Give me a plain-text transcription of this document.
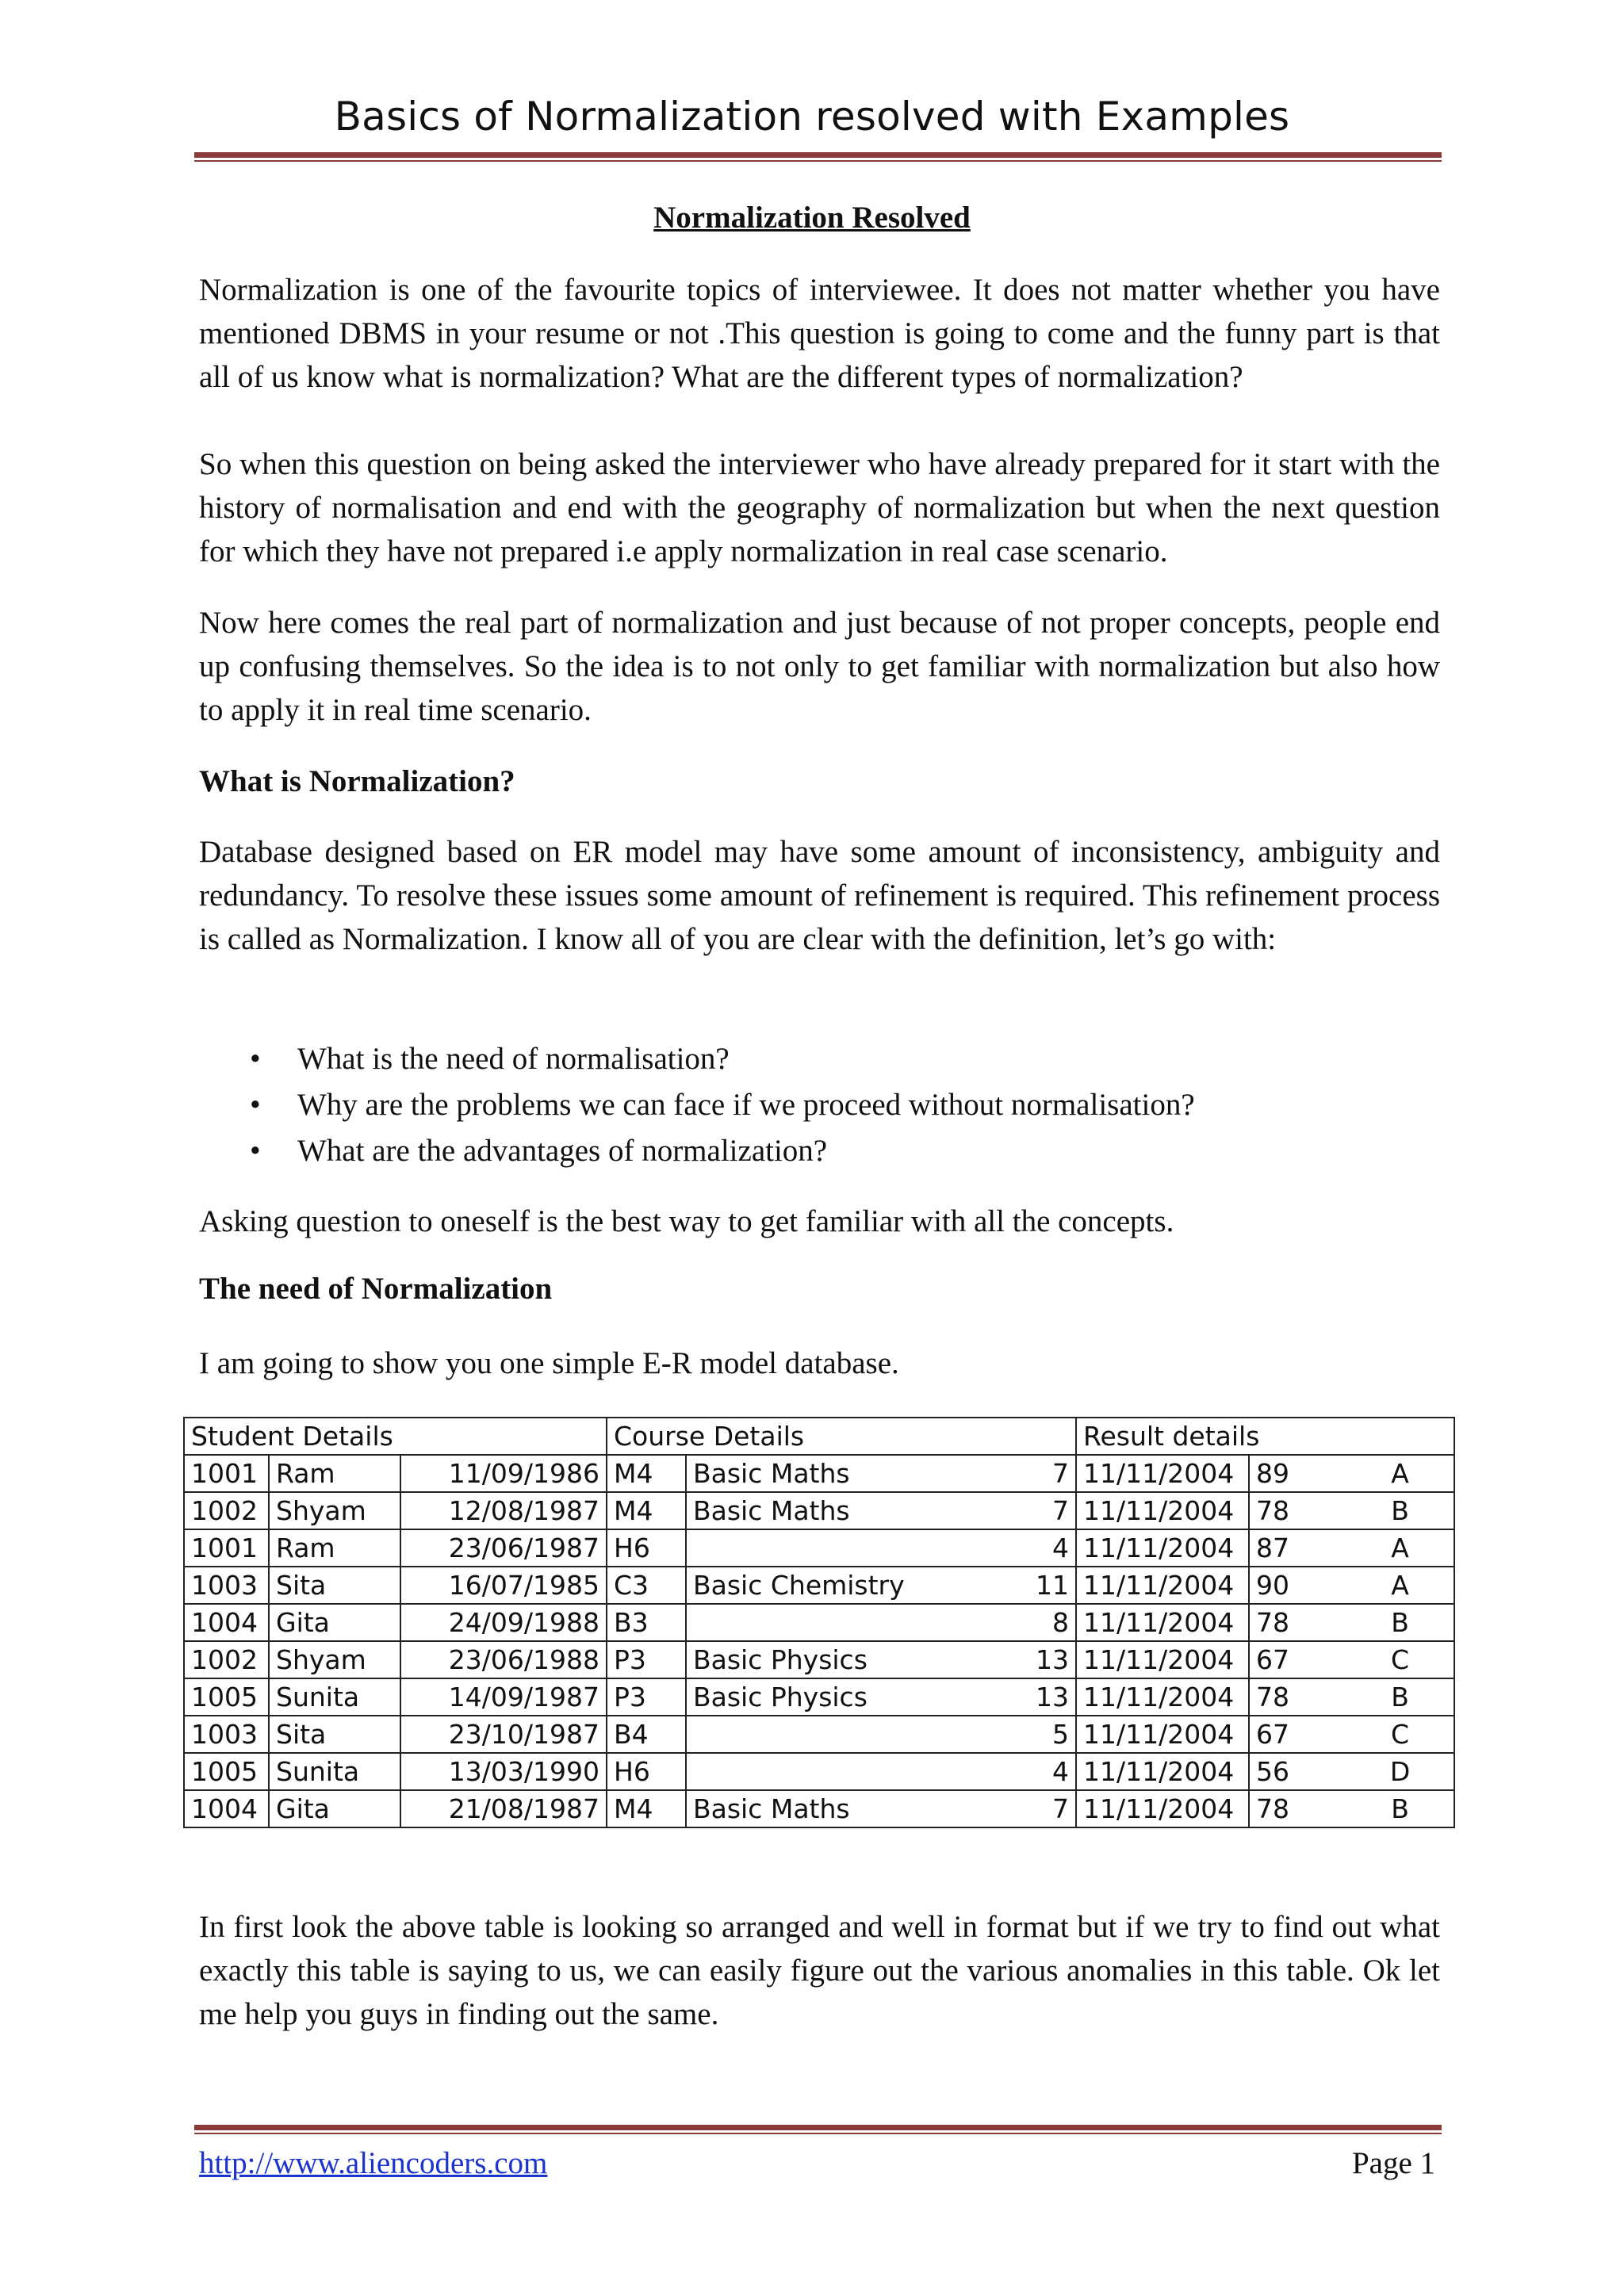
Basics of Normalization resolved with Examples
Normalization Resolved
Normalization is one of the favourite topics of interviewee. It does not matter whether you have mentioned DBMS in your resume or not .This question is going to come and the funny part is that all of us know what is normalization? What are the different types of normalization?
So when this question on being asked the interviewer who have already prepared for it start with the history of normalisation and end with the geography of normalization but when the next question for which they have not prepared i.e apply normalization in real case scenario.
Now here comes the real part of normalization and just because of not proper concepts, people end up confusing themselves. So the idea is to not only to get familiar with normalization but also how to apply it in real time scenario.
What is Normalization?
Database designed based on ER model may have some amount of inconsistency, ambiguity and redundancy. To resolve these issues some amount of refinement is required. This refinement process is called as Normalization. I know all of you are clear with the definition, let’s go with:
• What is the need of normalisation?
• Why are the problems we can face if we proceed without normalisation?
• What are the advantages of normalization?
Asking question to oneself is the best way to get familiar with all the concepts.
The need of Normalization
I am going to show you one simple E-R model database.
Student Details			Course Details			Result details		
1001	Ram	11/09/1986	M4	Basic Maths	7	11/11/2004	89	A
1002	Shyam	12/08/1987	M4	Basic Maths	7	11/11/2004	78	B
1001	Ram	23/06/1987	H6		4	11/11/2004	87	A
1003	Sita	16/07/1985	C3	Basic Chemistry	11	11/11/2004	90	A
1004	Gita	24/09/1988	B3		8	11/11/2004	78	B
1002	Shyam	23/06/1988	P3	Basic Physics	13	11/11/2004	67	C
1005	Sunita	14/09/1987	P3	Basic Physics	13	11/11/2004	78	B
1003	Sita	23/10/1987	B4		5	11/11/2004	67	C
1005	Sunita	13/03/1990	H6		4	11/11/2004	56	D
1004	Gita	21/08/1987	M4	Basic Maths	7	11/11/2004	78	B
In first look the above table is looking so arranged and well in format but if we try to find out what exactly this table is saying to us, we can easily figure out the various anomalies in this table. Ok let me help you guys in finding out the same.
http://www.aliencoders.com	Page 1
